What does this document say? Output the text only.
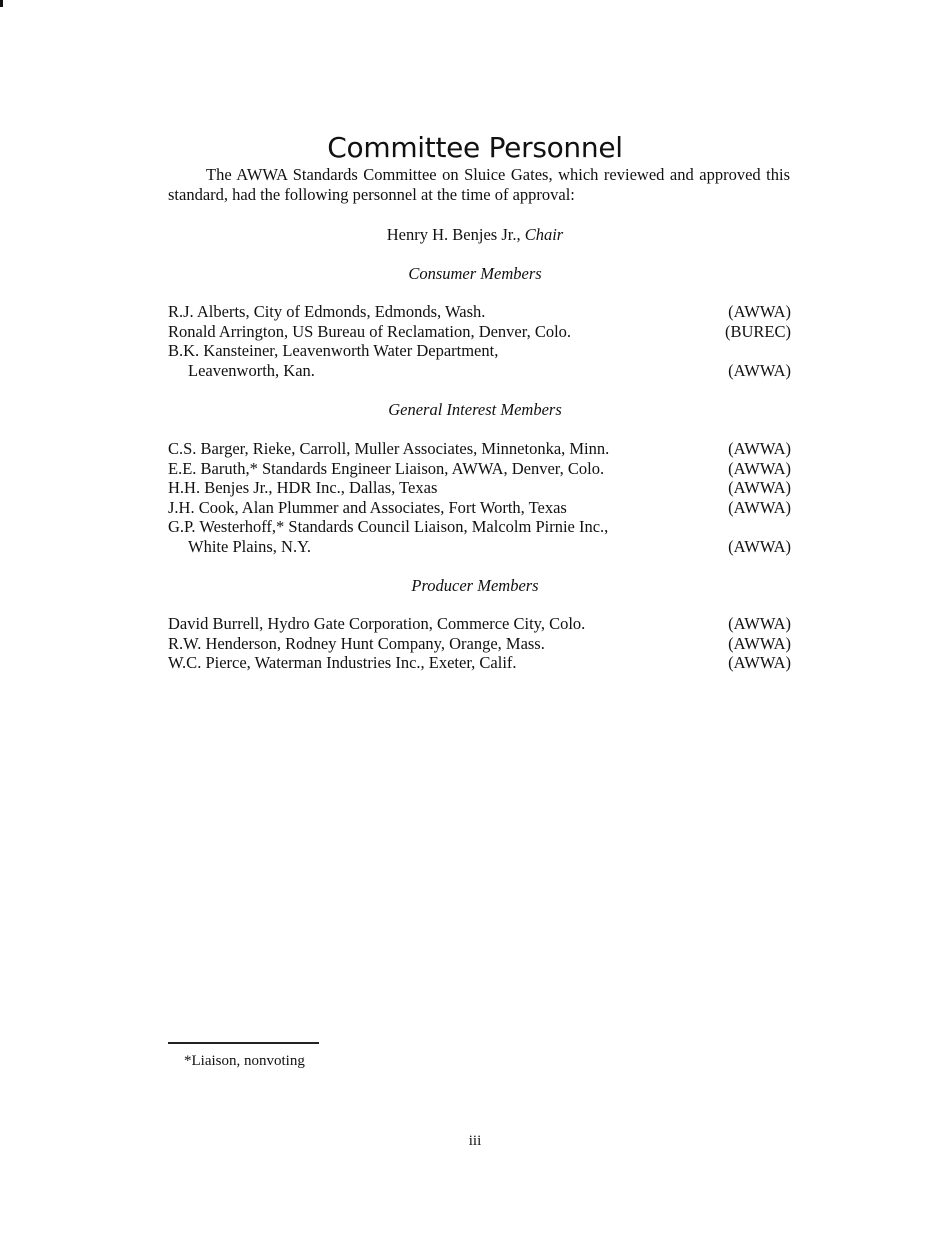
Committee Personnel

The AWWA Standards Committee on Sluice Gates, which reviewed and approved this standard, had the following personnel at the time of approval:

Henry H. Benjes Jr., Chair
Consumer Members
R.J. Alberts, City of Edmonds, Edmonds, Wash.	(AWWA)
Ronald Arrington, US Bureau of Reclamation, Denver, Colo.	(BUREC)
B.K. Kansteiner, Leavenworth Water Department,
Leavenworth, Kan.	(AWWA)
General Interest Members
C.S. Barger, Rieke, Carroll, Muller Associates, Minnetonka, Minn.	(AWWA)
E.E. Baruth,* Standards Engineer Liaison, AWWA, Denver, Colo.	(AWWA)
H.H. Benjes Jr., HDR Inc., Dallas, Texas	(AWWA)
J.H. Cook, Alan Plummer and Associates, Fort Worth, Texas	(AWWA)
G.P. Westerhoff,* Standards Council Liaison, Malcolm Pirnie Inc.,
White Plains, N.Y.	(AWWA)
Producer Members
David Burrell, Hydro Gate Corporation, Commerce City, Colo.	(AWWA)
R.W. Henderson, Rodney Hunt Company, Orange, Mass.	(AWWA)
W.C. Pierce, Waterman Industries Inc., Exeter, Calif.	(AWWA)
*Liaison, nonvoting
iii
